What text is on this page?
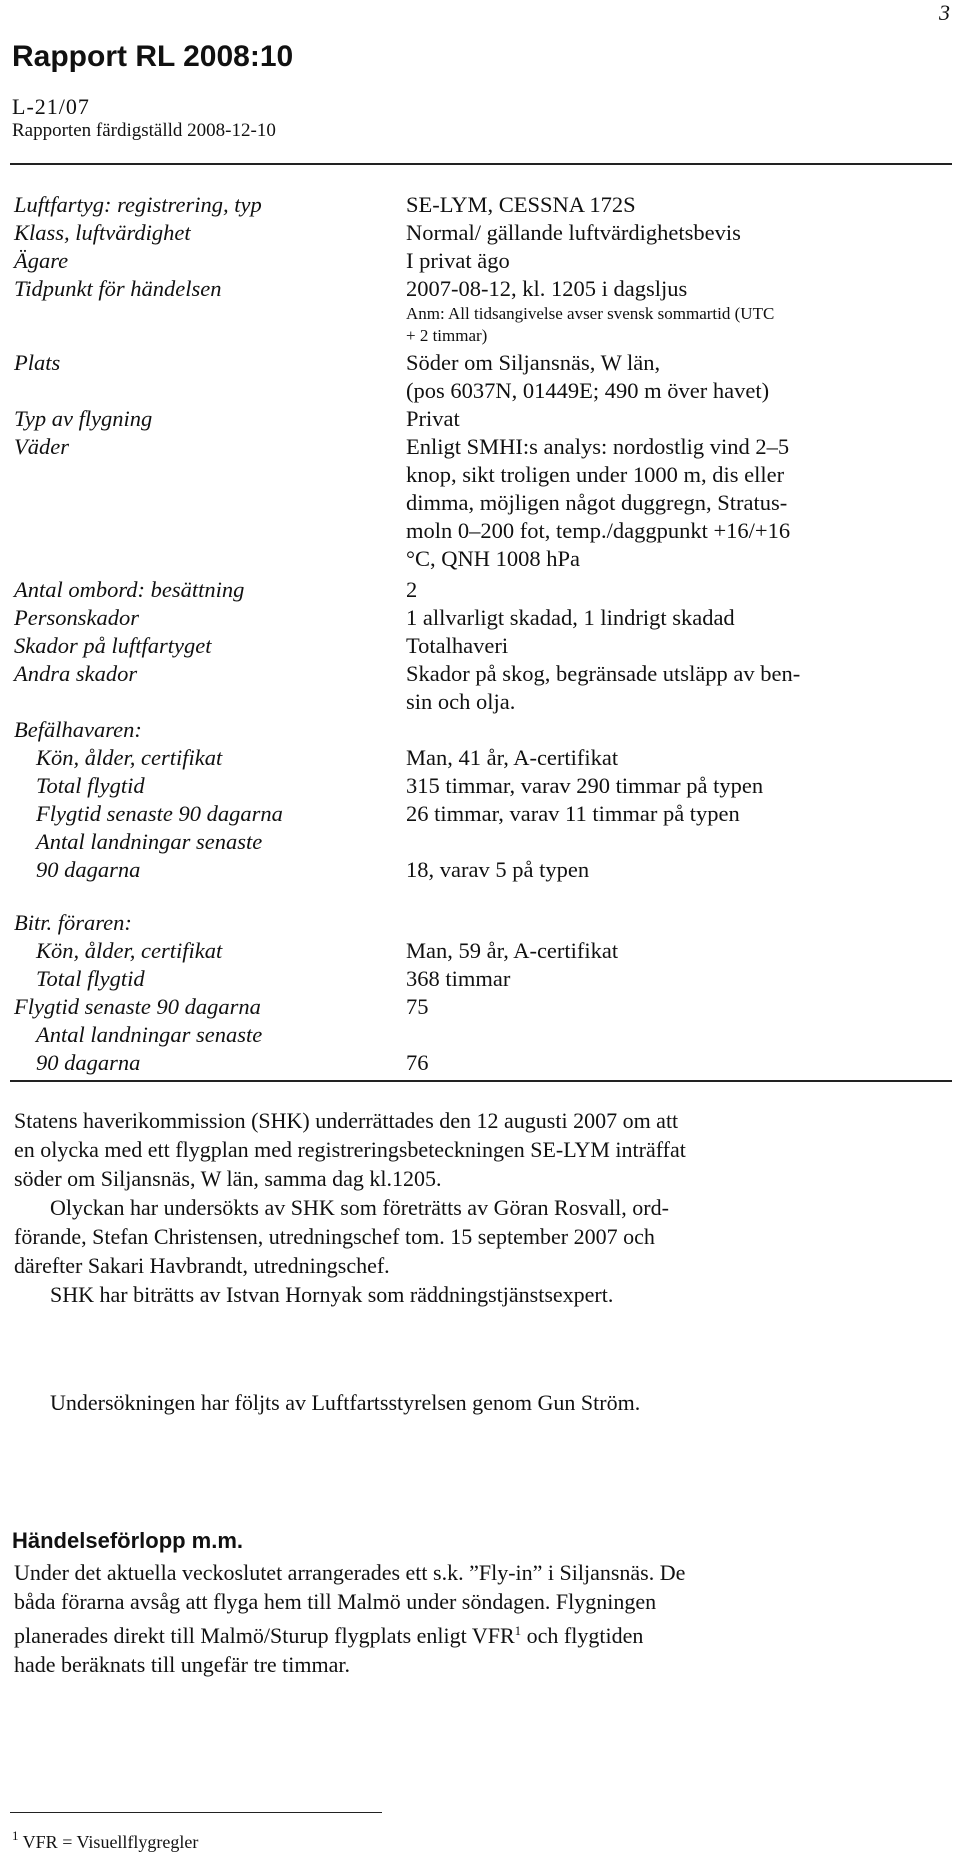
3
Rapport RL 2008:10
L-21/07
Rapporten färdigställd 2008-12-10
Luftfartyg: registrering, typ	SE-LYM, CESSNA 172S
Klass, luftvärdighet	Normal/ gällande luftvärdighetsbevis
Ägare	I privat ägo
Tidpunkt för händelsen	2007-08-12, kl. 1205 i dagsljus
Anm: All tidsangivelse avser svensk sommartid (UTC
+ 2 timmar)
Plats	Söder om Siljansnäs, W län,
(pos 6037N, 01449E; 490 m över havet)
Typ av flygning	Privat
Väder	Enligt SMHI:s analys: nordostlig vind 2–5
knop, sikt troligen under 1000 m, dis eller
dimma, möjligen något duggregn, Stratus-
moln 0–200 fot, temp./daggpunkt +16/+16
°C, QNH 1008 hPa
Antal ombord: besättning	2
Personskador	1 allvarligt skadad, 1 lindrigt skadad
Skador på luftfartyget	Totalhaveri
Andra skador	Skador på skog, begränsade utsläpp av ben-
sin och olja.
Befälhavaren:
Kön, ålder, certifikat	Man, 41 år, A-certifikat
Total flygtid	315 timmar, varav 290 timmar på typen
Flygtid senaste 90 dagarna	26 timmar, varav 11 timmar på typen
Antal landningar senaste
90 dagarna	18, varav 5 på typen
Bitr. föraren:
Kön, ålder, certifikat	Man, 59 år, A-certifikat
Total flygtid	368 timmar
Flygtid senaste 90 dagarna	75
Antal landningar senaste
90 dagarna	76
Statens haverikommission (SHK) underrättades den 12 augusti 2007 om att
en olycka med ett flygplan med registreringsbeteckningen SE-LYM inträffat
söder om Siljansnäs, W län, samma dag kl.1205.
Olyckan har undersökts av SHK som företrätts av Göran Rosvall, ord-
förande, Stefan Christensen, utredningschef tom. 15 september 2007 och
därefter Sakari Havbrandt, utredningschef.
SHK har biträtts av Istvan Hornyak som räddningstjänstsexpert.
Undersökningen har följts av Luftfartsstyrelsen genom Gun Ström.
Händelseförlopp m.m.
Under det aktuella veckoslutet arrangerades ett s.k. ”Fly-in” i Siljansnäs. De
båda förarna avsåg att flyga hem till Malmö under söndagen. Flygningen
planerades direkt till Malmö/Sturup flygplats enligt VFR$^1$ och flygtiden
hade beräknats till ungefär tre timmar.
$^1$ VFR = Visuellflygregler
